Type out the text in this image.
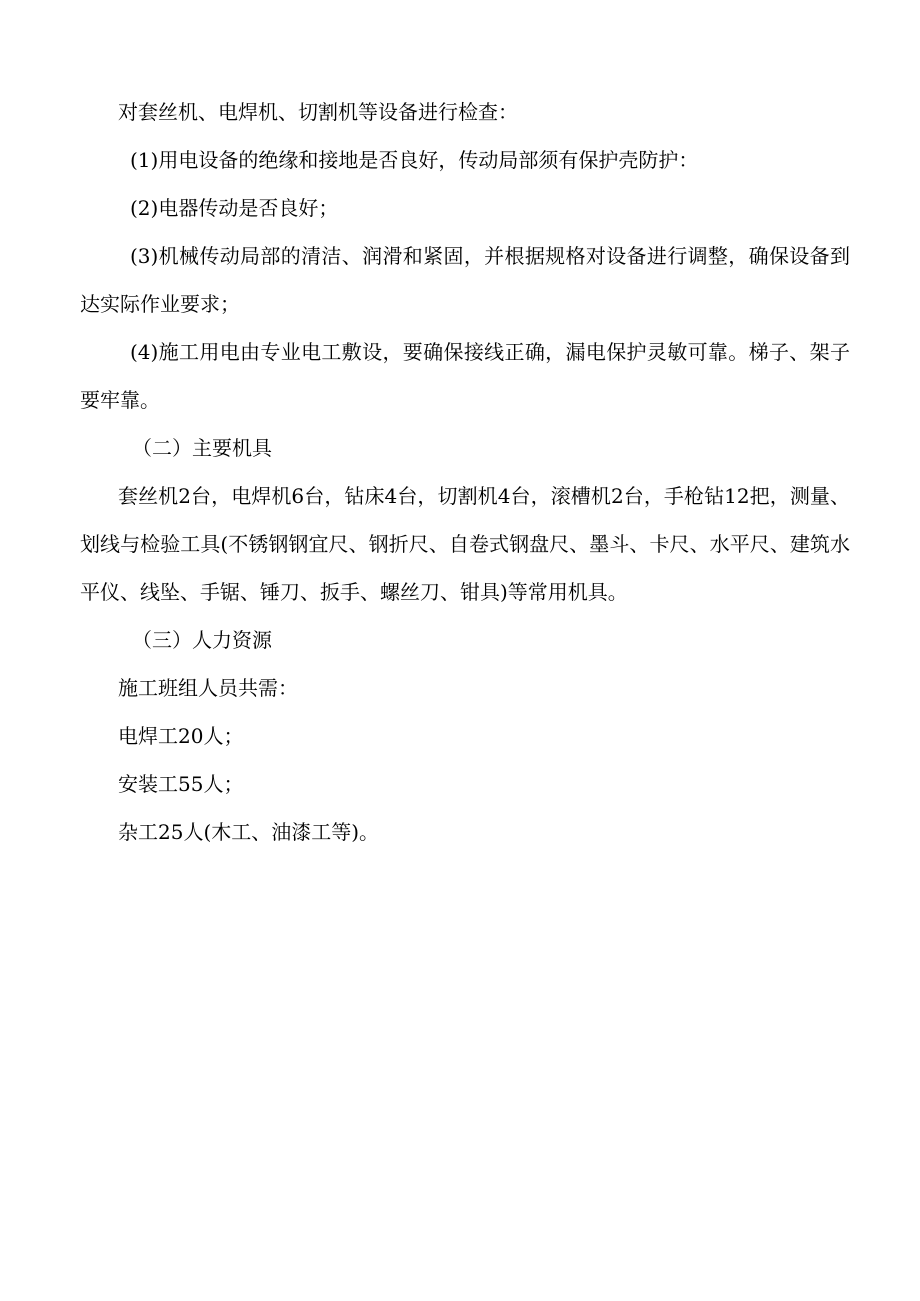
对套丝机、电焊机、切割机等设备进行检查：

(1)用电设备的绝缘和接地是否良好，传动局部须有保护壳防护：

(2)电器传动是否良好；

(3)机械传动局部的清洁、润滑和紧固，并根据规格对设备进行调整，确保设备到达实际作业要求；

(4)施工用电由专业电工敷设，要确保接线正确，漏电保护灵敏可靠。梯子、架子要牢靠。

（二）主要机具

套丝机2台，电焊机6台，钻床4台，切割机4台，滚槽机2台，手枪钻12把，测量、划线与检验工具(不锈钢钢宜尺、钢折尺、自卷式钢盘尺、墨斗、卡尺、水平尺、建筑水平仪、线坠、手锯、锤刀、扳手、螺丝刀、钳具)等常用机具。

（三）人力资源

施工班组人员共需：

电焊工20人；

安装工55人；

杂工25人(木工、油漆工等)。
